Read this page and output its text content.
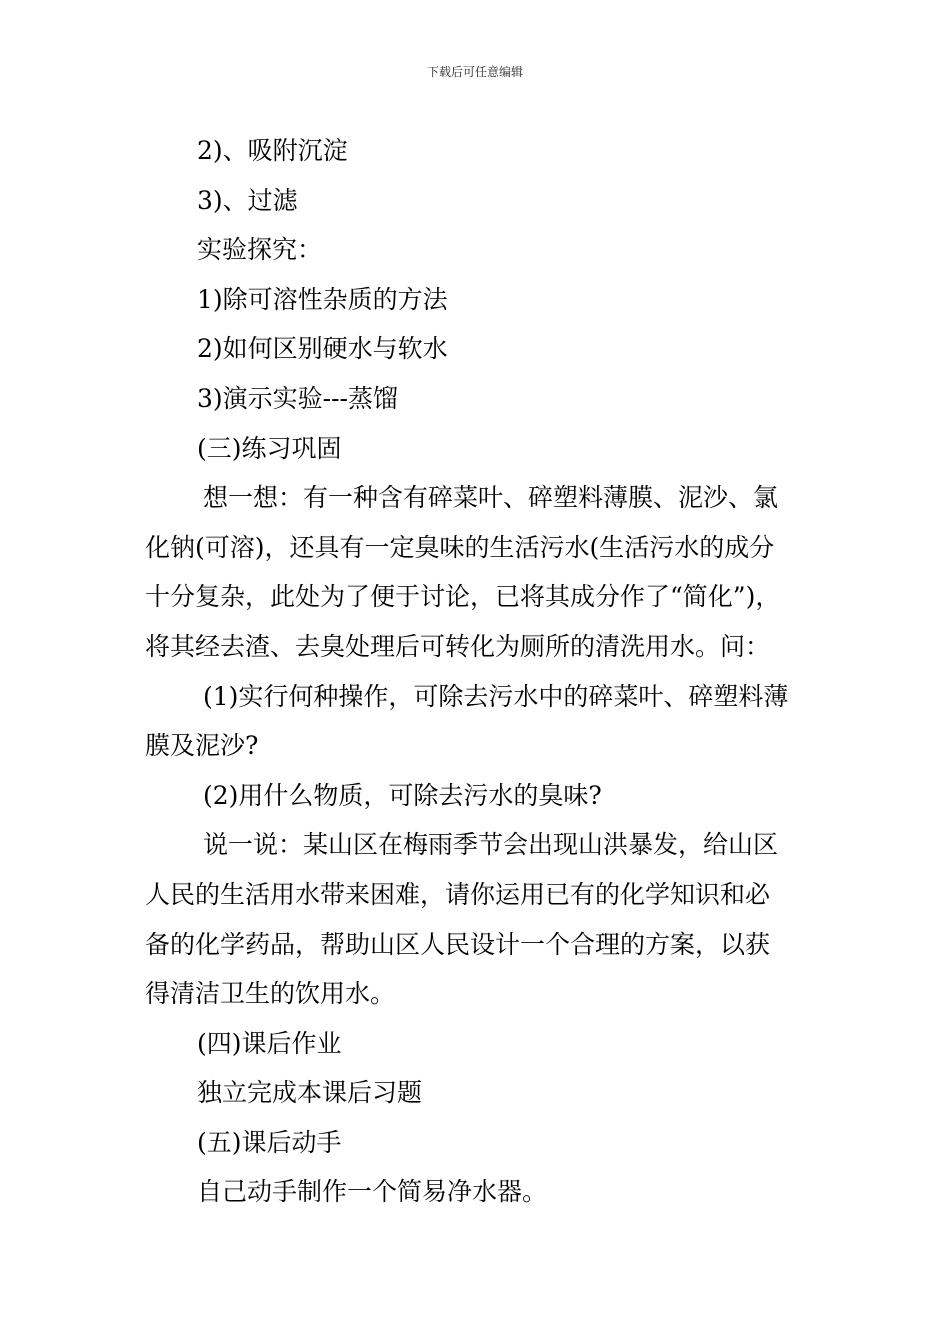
下载后可任意编辑
2)、吸附沉淀
3)、过滤
实验探究：
1)除可溶性杂质的方法
2)如何区别硬水与软水
3)演示实验---蒸馏
(三)练习巩固
想一想：有一种含有碎菜叶、碎塑料薄膜、泥沙、氯
化钠(可溶)，还具有一定臭味的生活污水(生活污水的成分
十分复杂，此处为了便于讨论，已将其成分作了“简化”)，
将其经去渣、去臭处理后可转化为厕所的清洗用水。问：
(1)实行何种操作，可除去污水中的碎菜叶、碎塑料薄
膜及泥沙?
(2)用什么物质，可除去污水的臭味?
说一说：某山区在梅雨季节会出现山洪暴发，给山区
人民的生活用水带来困难，请你运用已有的化学知识和必
备的化学药品，帮助山区人民设计一个合理的方案，以获
得清洁卫生的饮用水。
(四)课后作业
独立完成本课后习题
(五)课后动手
自己动手制作一个简易净水器。
